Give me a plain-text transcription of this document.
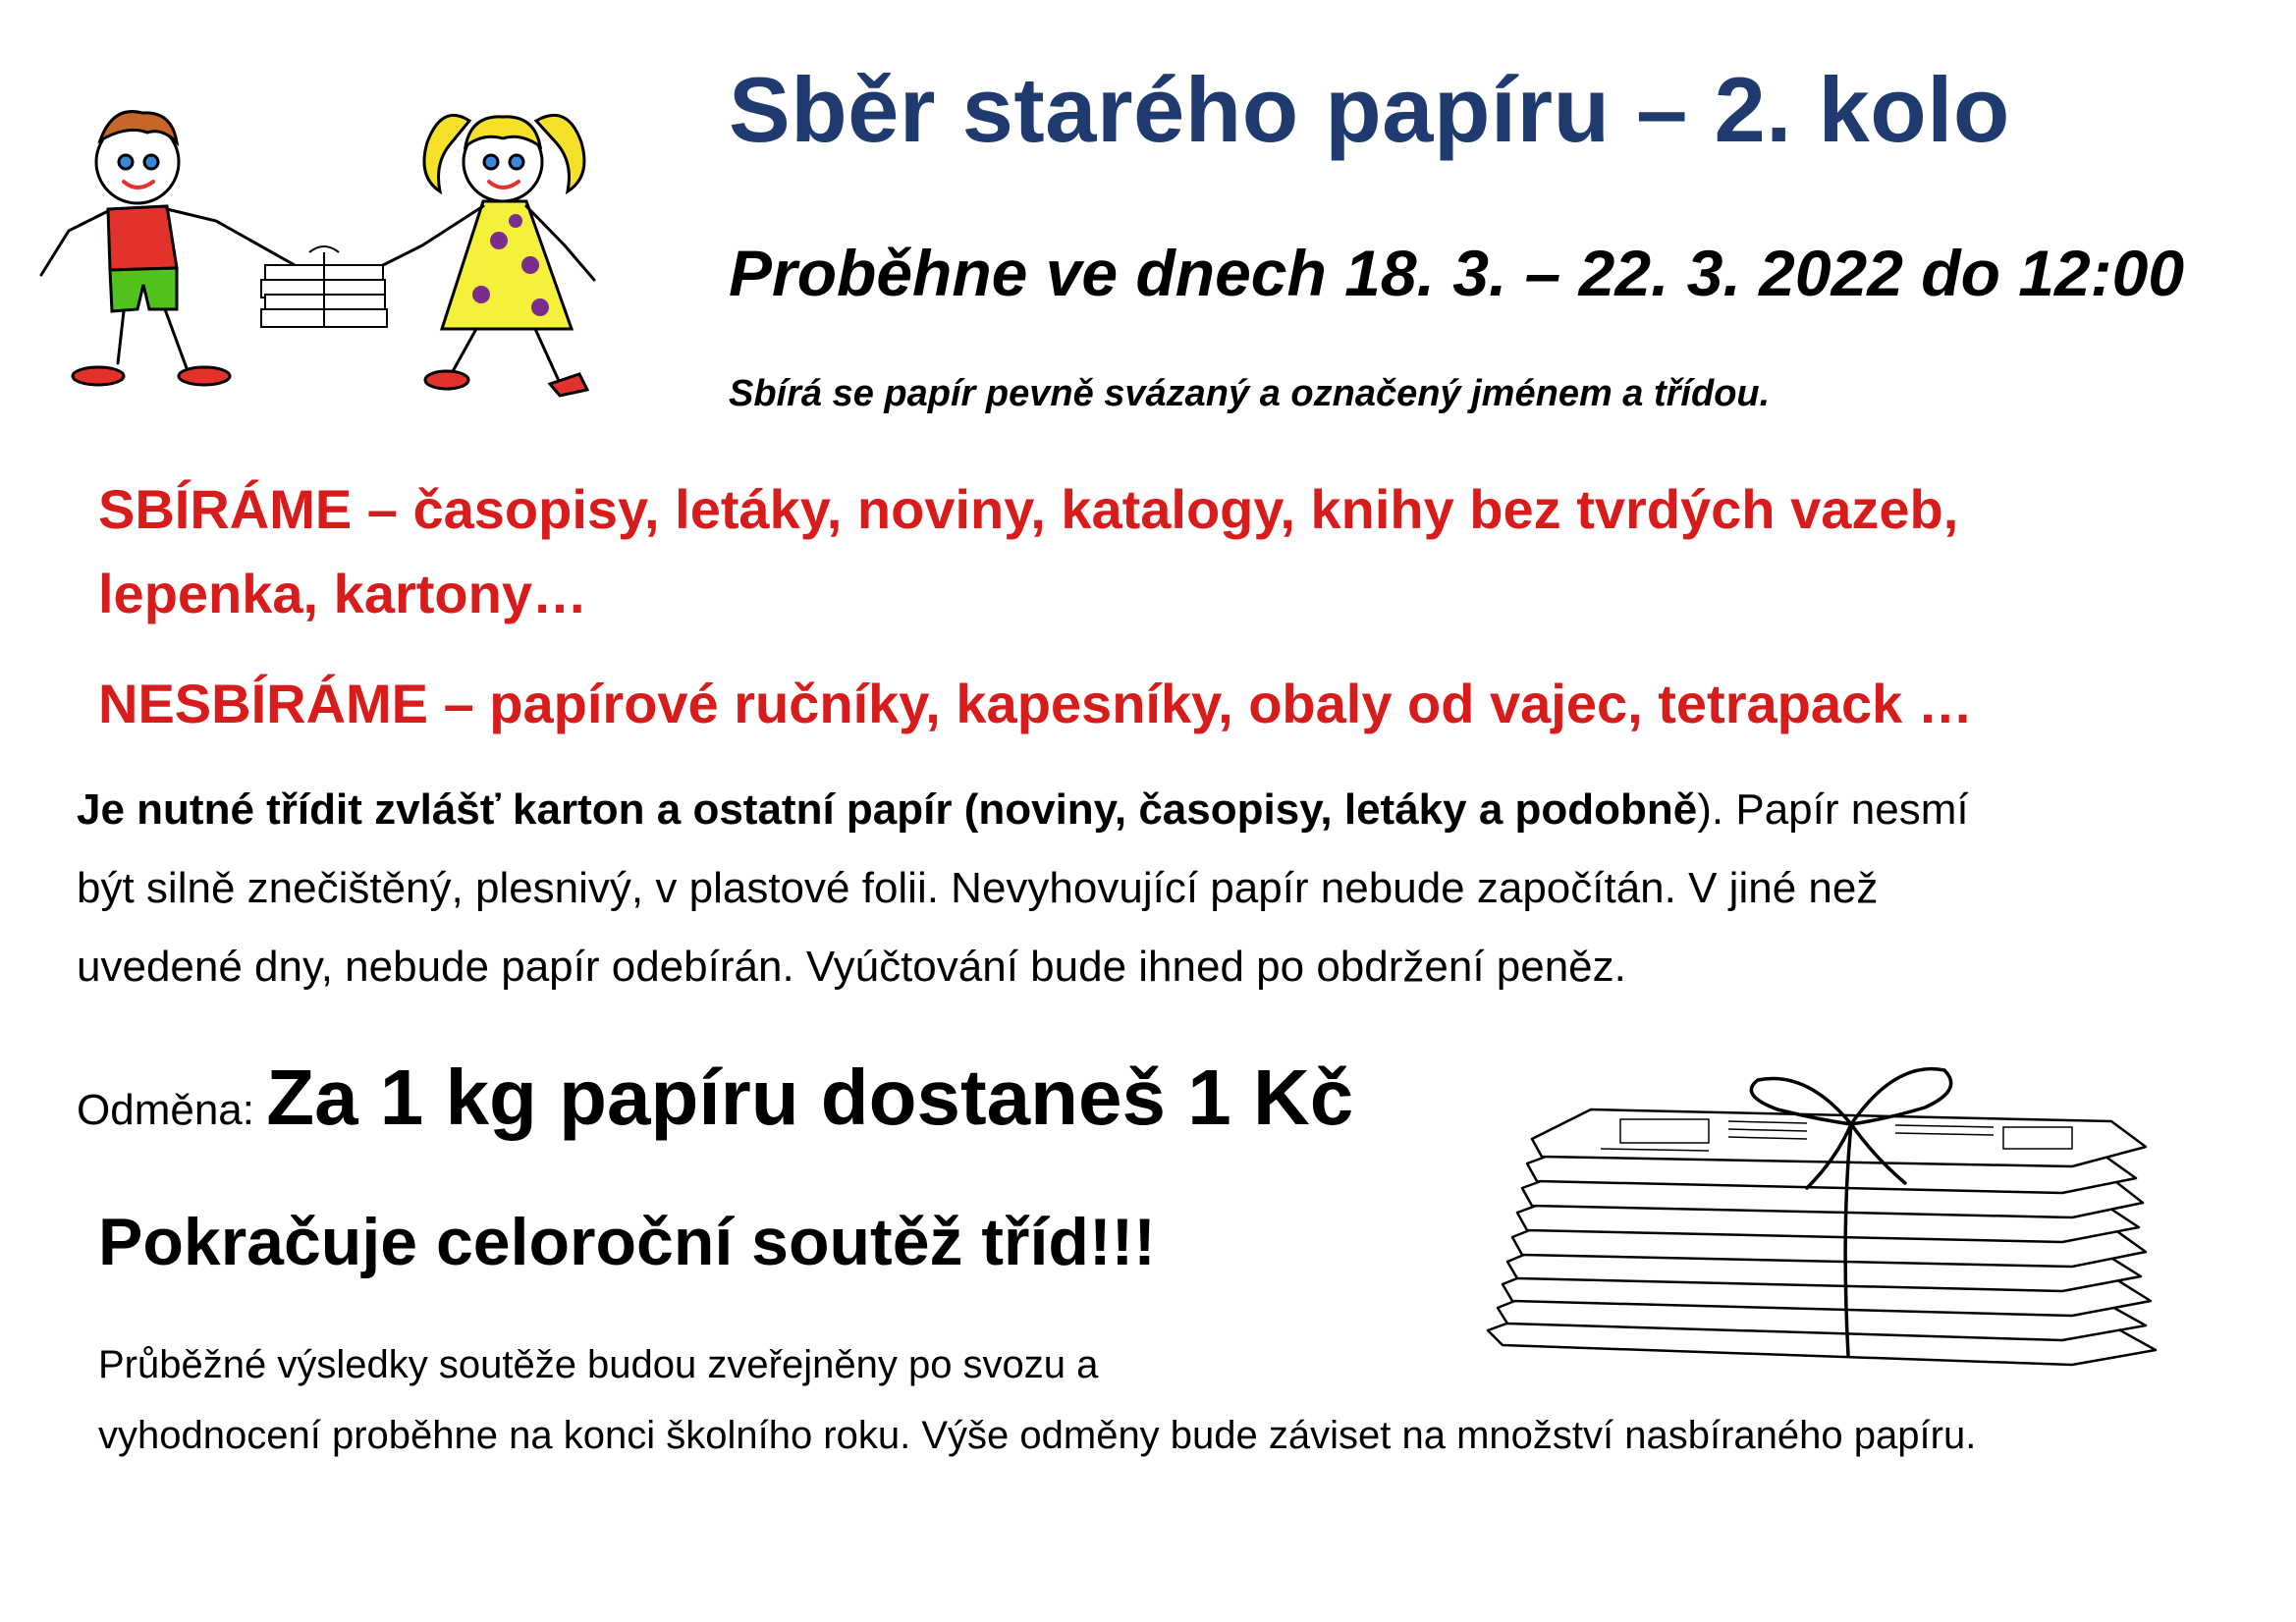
Sběr starého papíru – 2. kolo
Proběhne ve dnech 18. 3. – 22. 3. 2022 do 12:00
Sbírá se papír pevně svázaný a označený jménem a třídou.
SBÍRÁME – časopisy, letáky, noviny, katalogy, knihy bez tvrdých vazeb,
lepenka, kartony…
NESBÍRÁME – papírové ručníky, kapesníky, obaly od vajec, tetrapack …
Je nutné třídit zvlášť karton a ostatní papír (noviny, časopisy, letáky a podobně). Papír nesmí
být silně znečištěný, plesnivý, v plastové folii. Nevyhovující papír nebude započítán. V jiné než
uvedené dny, nebude papír odebírán. Vyúčtování bude ihned po obdržení peněz.
Odměna: Za 1 kg papíru dostaneš 1 Kč
Pokračuje celoroční soutěž tříd!!!
Průběžné výsledky soutěže budou zveřejněny po svozu a
vyhodnocení proběhne na konci školního roku. Výše odměny bude záviset na množství nasbíraného papíru.
